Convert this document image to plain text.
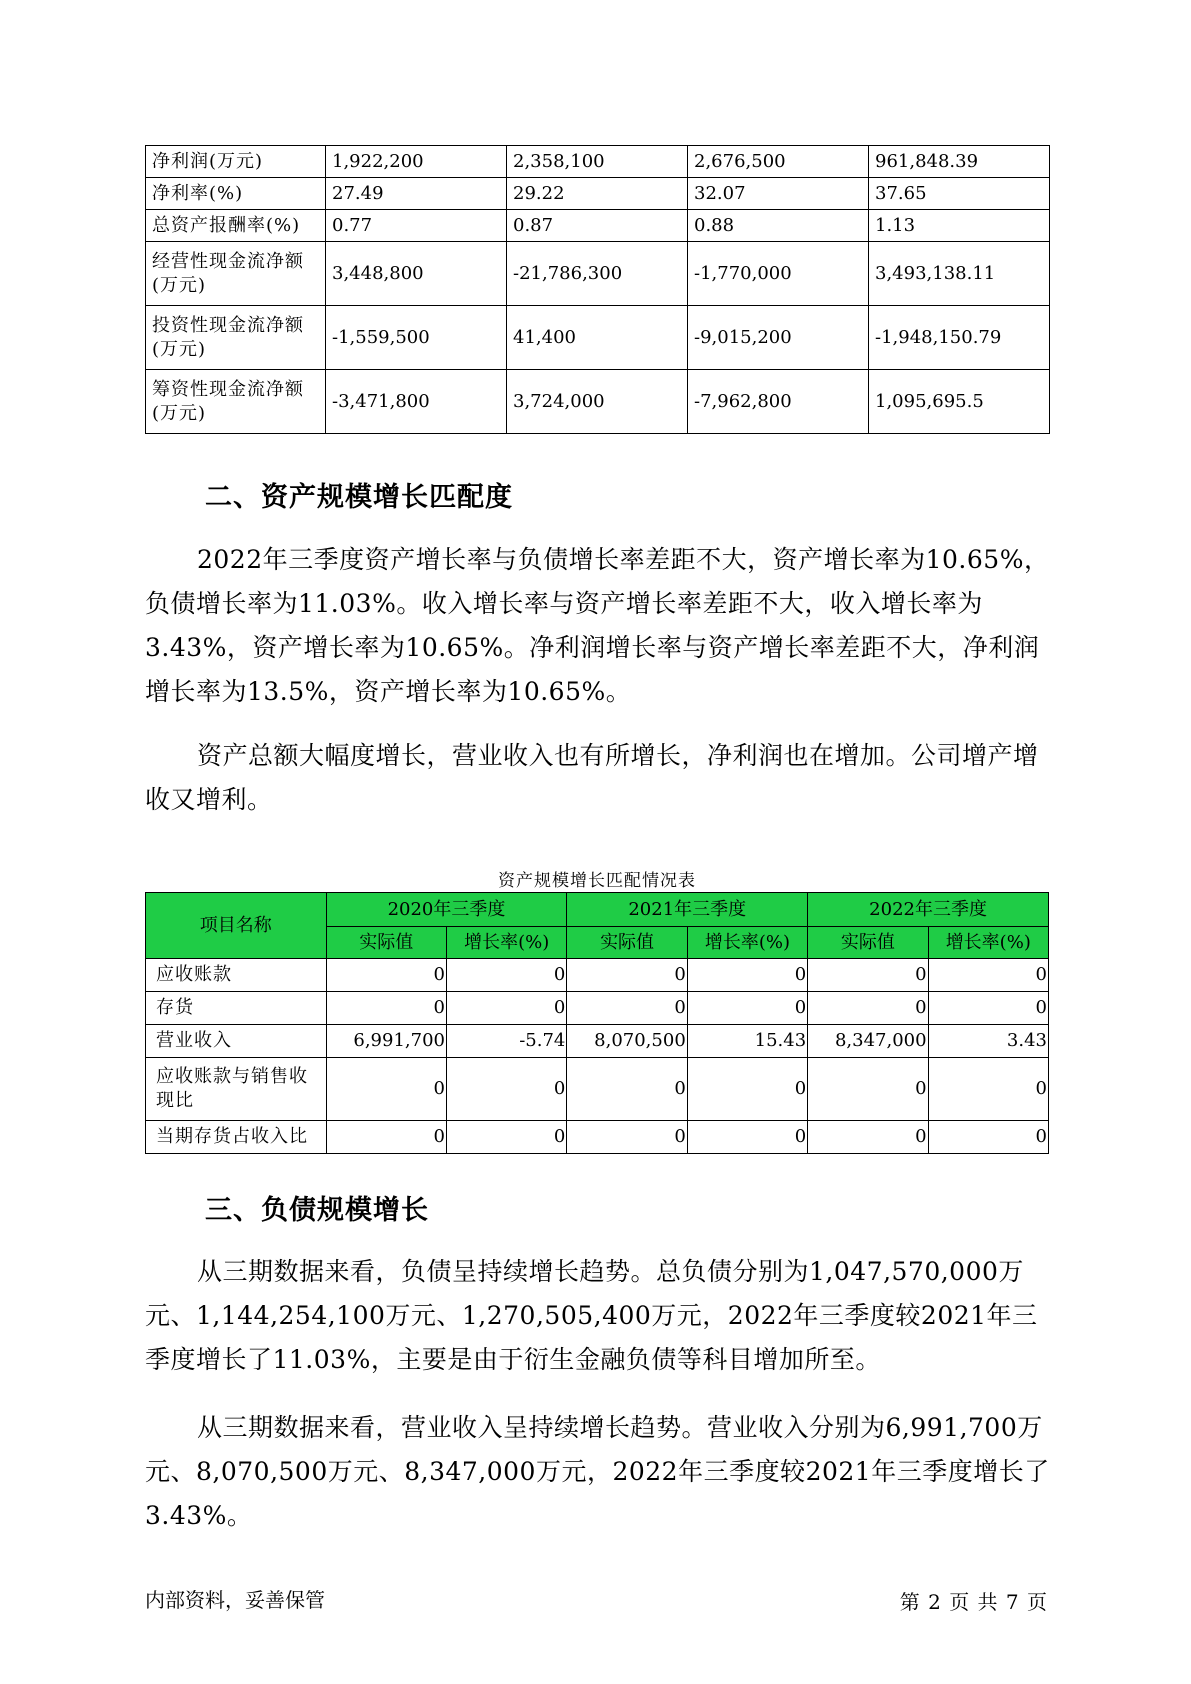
净利润(万元)	1,922,200	2,358,100	2,676,500	961,848.39
净利率(%)	27.49	29.22	32.07	37.65
总资产报酬率(%)	0.77	0.87	0.88	1.13
经营性现金流净额(万元)	3,448,800	-21,786,300	-1,770,000	3,493,138.11
投资性现金流净额(万元)	-1,559,500	41,400	-9,015,200	-1,948,150.79
筹资性现金流净额(万元)	-3,471,800	3,724,000	-7,962,800	1,095,695.5
二、资产规模增长匹配度

2022年三季度资产增长率与负债增长率差距不大，资产增长率为10.65%，负债增长率为11.03%。收入增长率与资产增长率差距不大，收入增长率为3.43%，资产增长率为10.65%。净利润增长率与资产增长率差距不大，净利润增长率为13.5%，资产增长率为10.65%。

资产总额大幅度增长，营业收入也有所增长，净利润也在增加。公司增产增收又增利。

资产规模增长匹配情况表
项目名称	2020年三季度		2021年三季度		2022年三季度	
	实际值	增长率(%)	实际值	增长率(%)	实际值	增长率(%)
应收账款	0	0	0	0	0	0
存货	0	0	0	0	0	0
营业收入	6,991,700	-5.74	8,070,500	15.43	8,347,000	3.43
应收账款与销售收现比	0	0	0	0	0	0
当期存货占收入比	0	0	0	0	0	0
三、负债规模增长

从三期数据来看，负债呈持续增长趋势。总负债分别为1,047,570,000万元、1,144,254,100万元、1,270,505,400万元，2022年三季度较2021年三季度增长了11.03%，主要是由于衍生金融负债等科目增加所至。

从三期数据来看，营业收入呈持续增长趋势。营业收入分别为6,991,700万元、8,070,500万元、8,347,000万元，2022年三季度较2021年三季度增长了3.43%。

内部资料，妥善保管	第 2 页 共 7 页
